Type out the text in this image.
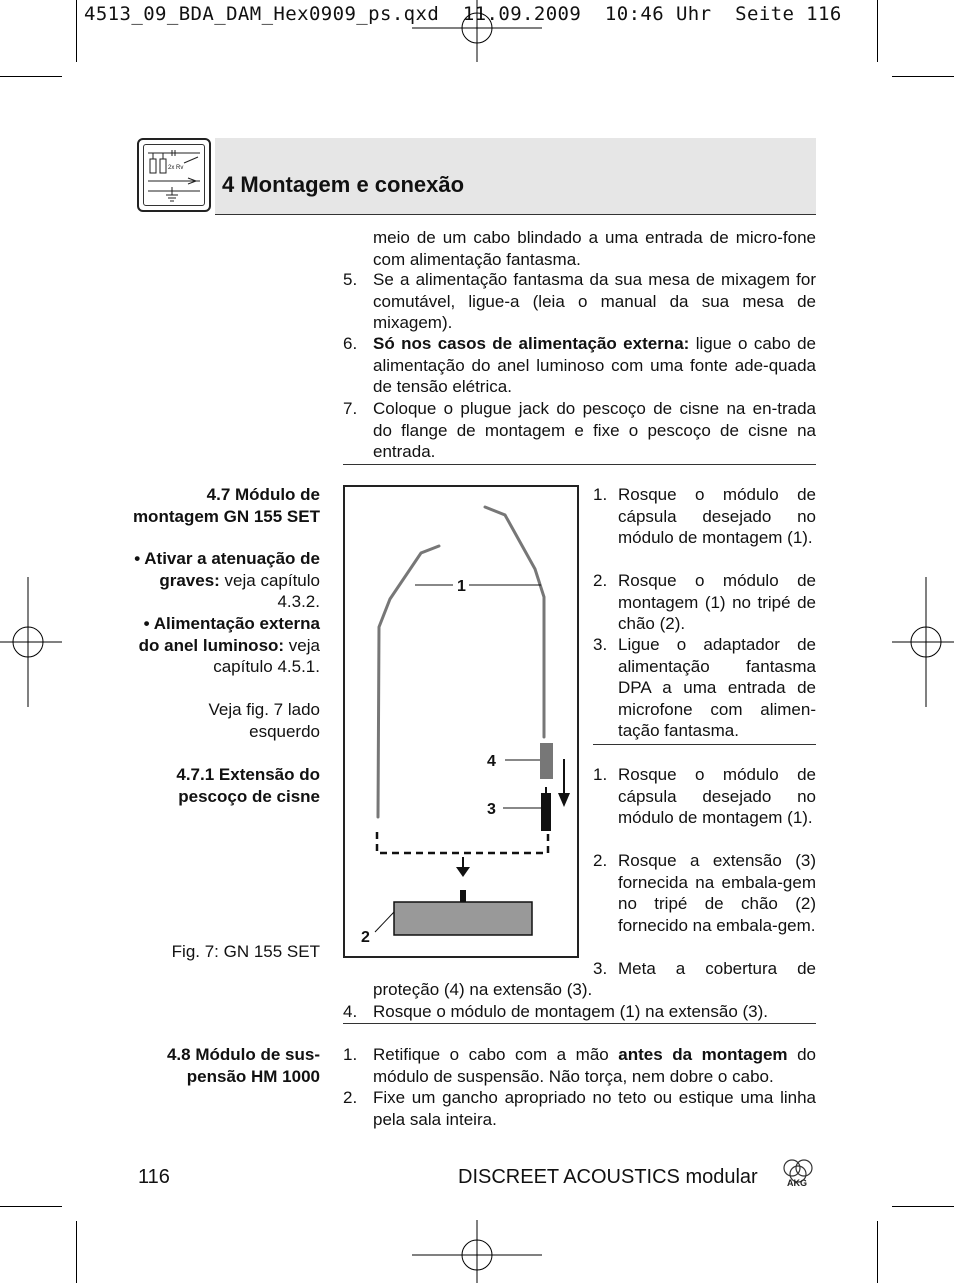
4513_09_BDA_DAM_Hex0909_ps.qxd  11.09.2009  10:46 Uhr  Seite 116
2x Rv
4 Montagem e conexão
meio de um cabo blindado a uma entrada de micro-fone com alimentação fantasma.
5. Se a alimentação fantasma da sua mesa de mixagem for comutável, ligue-a (leia o manual da sua mesa de mixagem).
6. Só nos casos de alimentação externa: ligue o cabo de alimentação do anel luminoso com uma fonte ade-quada de tensão elétrica.
7. Coloque o plugue jack do pescoço de cisne na en-trada do flange de montagem e fixe o pescoço de cisne na entrada.
4.7 Módulo de montagem GN 155 SET
• Ativar a atenuação de graves: veja capítulo 4.3.2.
• Alimentação externa do anel luminoso: veja capítulo 4.5.1.
Veja fig. 7 lado esquerdo
4.7.1 Extensão do pescoço de cisne
Fig. 7: GN 155 SET
1
2
3
4
1. Rosque o módulo de cápsula desejado no módulo de montagem (1).
2. Rosque o módulo de montagem (1) no tripé de chão (2).
3. Ligue o adaptador de alimentação fantasma DPA a uma entrada de microfone com alimen-tação fantasma.
1. Rosque o módulo de cápsula desejado no módulo de montagem (1).
2. Rosque a extensão (3) fornecida na embala-gem no tripé de chão (2) fornecido na embala-gem.
3. Meta a cobertura de
proteção (4) na extensão (3).
4. Rosque o módulo de montagem (1) na extensão (3).
4.8 Módulo de sus-pensão HM 1000
1. Retifique o cabo com a mão antes da montagem do módulo de suspensão. Não torça, nem dobre o cabo.
2. Fixe um gancho apropriado no teto ou estique uma linha pela sala inteira.
116	DISCREET ACOUSTICS modular	AKG
